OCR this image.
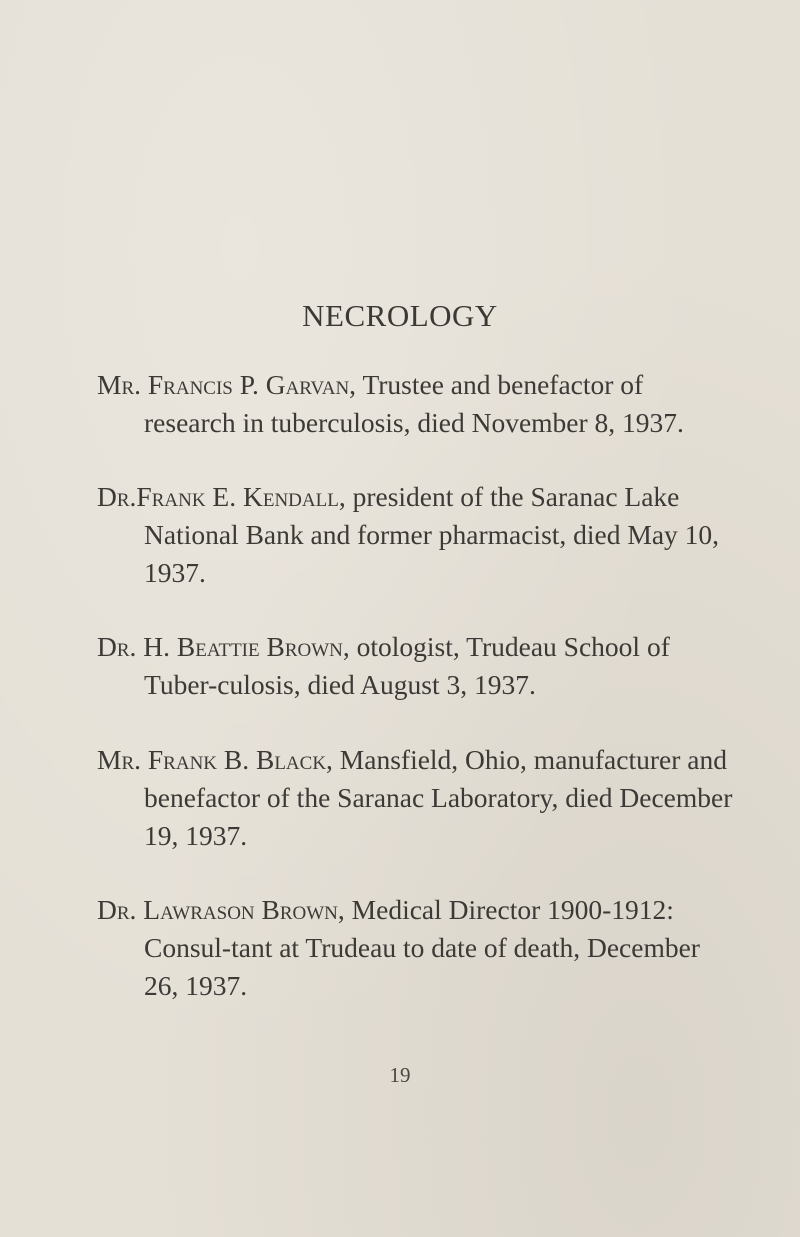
NECROLOGY

Mr. Francis P. Garvan, Trustee and benefactor of research in tuberculosis, died November 8, 1937.

Dr.Frank E. Kendall, president of the Saranac Lake National Bank and former pharmacist, died May 10, 1937.

Dr. H. Beattie Brown, otologist, Trudeau School of Tuber-culosis, died August 3, 1937.

Mr. Frank B. Black, Mansfield, Ohio, manufacturer and benefactor of the Saranac Laboratory, died December 19, 1937.

Dr. Lawrason Brown, Medical Director 1900-1912: Consul-tant at Trudeau to date of death, December 26, 1937.

19
